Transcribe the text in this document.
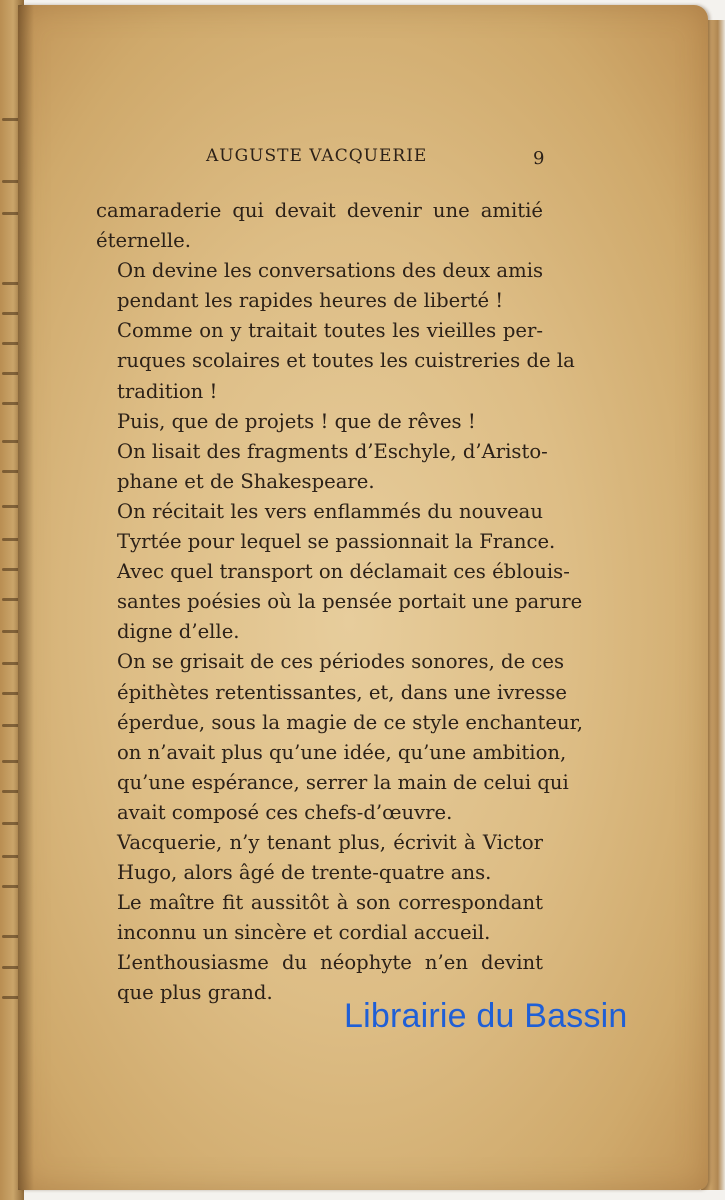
AUGUSTE VACQUERIE	9

camaraderie qui devait devenir une amitié
éternelle.

On devine les conversations des deux amis
pendant les rapides heures de liberté !

Comme on y traitait toutes les vieilles per-
ruques scolaires et toutes les cuistreries de la
tradition !

Puis, que de projets ! que de rêves !

On lisait des fragments d’Eschyle, d’Aristo-
phane et de Shakespeare.

On récitait les vers enflammés du nouveau
Tyrtée pour lequel se passionnait la France.

Avec quel transport on déclamait ces éblouis-
santes poésies où la pensée portait une parure
digne d’elle.

On se grisait de ces périodes sonores, de ces
épithètes retentissantes, et, dans une ivresse
éperdue, sous la magie de ce style enchanteur,
on n’avait plus qu’une idée, qu’une ambition,
qu’une espérance, serrer la main de celui qui
avait composé ces chefs-d’œuvre.

Vacquerie, n’y tenant plus, écrivit à Victor
Hugo, alors âgé de trente-quatre ans.

Le maître fit aussitôt à son correspondant
inconnu un sincère et cordial accueil.

L’enthousiasme du néophyte n’en devint
que plus grand.

Librairie du Bassin
